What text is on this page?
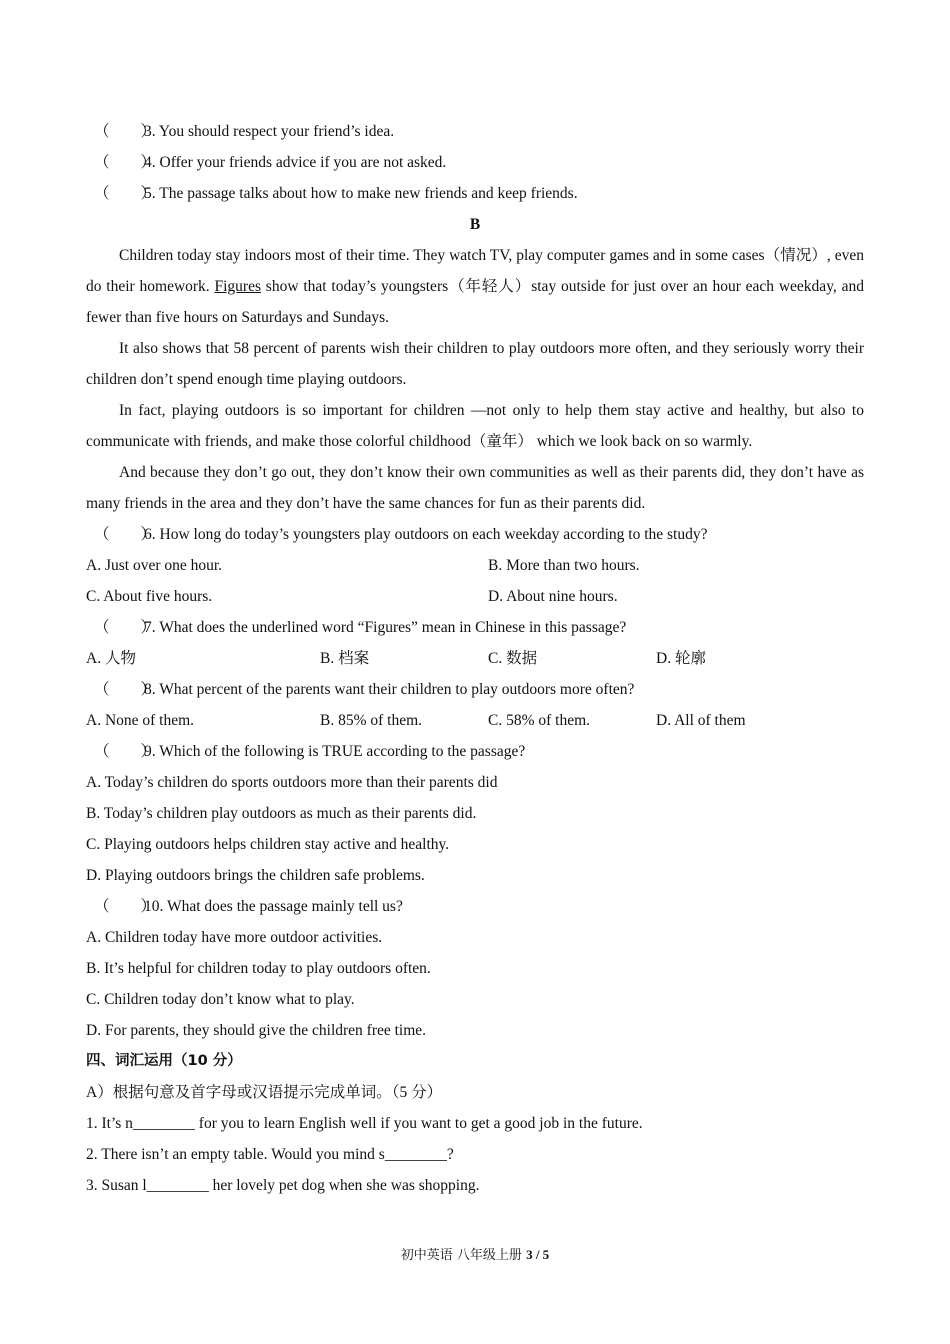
（　　）3. You should respect your friend’s idea.
（　　）4. Offer your friends advice if you are not asked.
（　　）5. The passage talks about how to make new friends and keep friends.
B

Children today stay indoors most of their time. They watch TV, play computer games and in some cases（情况）, even do their homework. Figures show that today’s youngsters（年轻人）stay outside for just over an hour each weekday, and fewer than five hours on Saturdays and Sundays.

It also shows that 58 percent of parents wish their children to play outdoors more often, and they seriously worry their children don’t spend enough time playing outdoors.

In fact, playing outdoors is so important for children —not only to help them stay active and healthy, but also to communicate with friends, and make those colorful childhood（童年） which we look back on so warmly.

And because they don’t go out, they don’t know their own communities as well as their parents did, they don’t have as many friends in the area and they don’t have the same chances for fun as their parents did.

（　　）6. How long do today’s youngsters play outdoors on each weekday according to the study?
A. Just over one hour.	B. More than two hours.
C. About five hours.	D. About nine hours.
（　　）7. What does the underlined word “Figures” mean in Chinese in this passage?
A. 人物	B. 档案	C. 数据	D. 轮廓
（　　）8. What percent of the parents want their children to play outdoors more often?
A. None of them.	B. 85% of them.	C. 58% of them.	D. All of them
（　　）9. Which of the following is TRUE according to the passage?
A. Today’s children do sports outdoors more than their parents did
B. Today’s children play outdoors as much as their parents did.
C. Playing outdoors helps children stay active and healthy.
D. Playing outdoors brings the children safe problems.
（　　）10. What does the passage mainly tell us?
A. Children today have more outdoor activities.
B. It’s helpful for children today to play outdoors often.
C. Children today don’t know what to play.
D. For parents, they should give the children free time.
四、词汇运用（10 分）
A）根据句意及首字母或汉语提示完成单词。（5 分）
1. It’s n________ for you to learn English well if you want to get a good job in the future.
2. There isn’t an empty table. Would you mind s________?
3. Susan l________ her lovely pet dog when she was shopping.
初中英语 八年级上册 3 / 5
